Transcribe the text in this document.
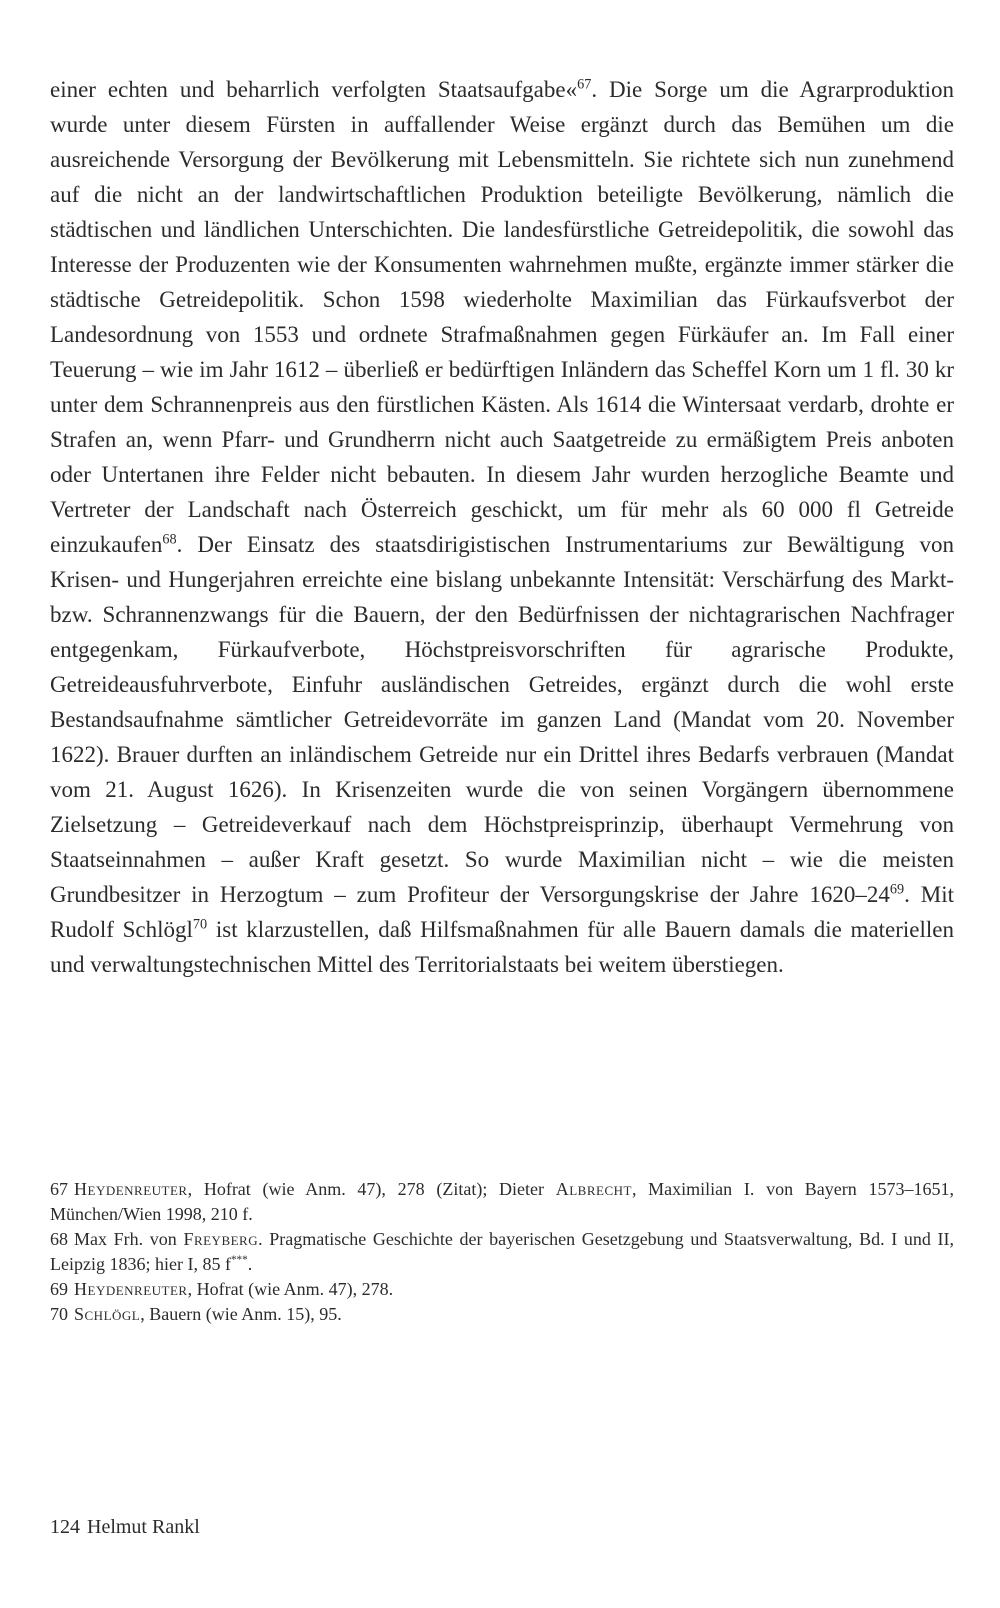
einer echten und beharrlich verfolgten Staatsaufgabe«$^{67}$. Die Sorge um die Agrarproduktion wurde unter diesem Fürsten in auffallender Weise ergänzt durch das Bemühen um die ausreichende Versorgung der Bevölkerung mit Lebensmitteln. Sie richtete sich nun zunehmend auf die nicht an der landwirtschaftlichen Produktion beteiligte Bevölkerung, nämlich die städtischen und ländlichen Unterschichten. Die landesfürstliche Getreidepolitik, die sowohl das Interesse der Produzenten wie der Konsumenten wahrnehmen mußte, ergänzte immer stärker die städtische Getreidepolitik. Schon 1598 wiederholte Maximilian das Fürkaufsverbot der Landesordnung von 1553 und ordnete Strafmaßnahmen gegen Fürkäufer an. Im Fall einer Teuerung – wie im Jahr 1612 – überließ er bedürftigen Inländern das Scheffel Korn um 1 fl. 30 kr unter dem Schrannenpreis aus den fürstlichen Kästen. Als 1614 die Wintersaat verdarb, drohte er Strafen an, wenn Pfarr- und Grundherrn nicht auch Saatgetreide zu ermäßigtem Preis anboten oder Untertanen ihre Felder nicht bebauten. In diesem Jahr wurden herzogliche Beamte und Vertreter der Landschaft nach Österreich geschickt, um für mehr als 60 000 fl Getreide einzukaufen$^{68}$. Der Einsatz des staatsdirigistischen Instrumentariums zur Bewältigung von Krisen- und Hungerjahren erreichte eine bislang unbekannte Intensität: Verschärfung des Markt- bzw. Schrannenzwangs für die Bauern, der den Bedürfnissen der nichtagrarischen Nachfrager entgegenkam, Fürkaufverbote, Höchstpreisvorschriften für agrarische Produkte, Getreideausfuhrverbote, Einfuhr ausländischen Getreides, ergänzt durch die wohl erste Bestandsaufnahme sämtlicher Getreidevorräte im ganzen Land (Mandat vom 20. November 1622). Brauer durften an inländischem Getreide nur ein Drittel ihres Bedarfs verbrauen (Mandat vom 21. August 1626). In Krisenzeiten wurde die von seinen Vorgängern übernommene Zielsetzung – Getreideverkauf nach dem Höchstpreisprinzip, überhaupt Vermehrung von Staatseinnahmen – außer Kraft gesetzt. So wurde Maximilian nicht – wie die meisten Grundbesitzer in Herzogtum – zum Profiteur der Versorgungskrise der Jahre $1620-24^{69}$. Mit Rudolf Schlögl$^{70}$ ist klarzustellen, daß Hilfsmaßnahmen für alle Bauern damals die materiellen und verwaltungstechnischen Mittel des Territorialstaats bei weitem überstiegen.

67 Heydenreuter, Hofrat (wie Anm. 47), 278 (Zitat); Dieter Albrecht, Maximilian I. von Bayern 1573–1651, München/Wien 1998, 210 f.

68 Max Frh. von Freyberg. Pragmatische Geschichte der bayerischen Gesetzgebung und Staatsverwaltung, Bd. I und II, Leipzig 1836; hier I, 85 f***.

69 Heydenreuter, Hofrat (wie Anm. 47), 278.

70 Schlögl, Bauern (wie Anm. 15), 95.

124 Helmut Rankl
